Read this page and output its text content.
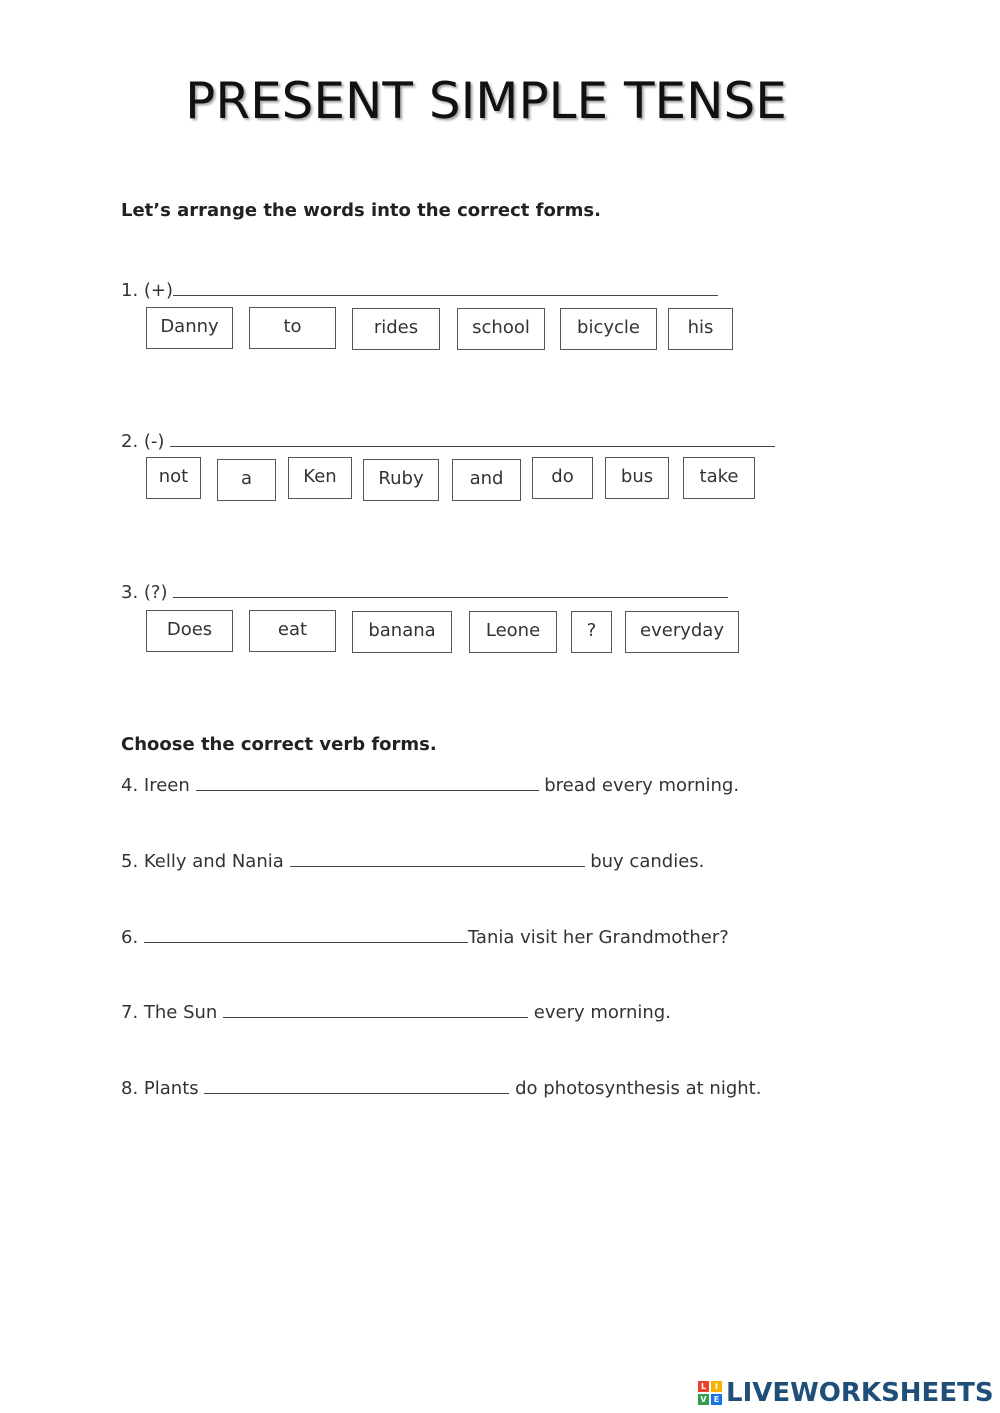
PRESENT SIMPLE TENSE

Let’s arrange the words into the correct forms.

1. (+)
Danny	to	rides	school	bicycle	his
2. (-)
not	a	Ken	Ruby	and	do	bus	take
3. (?)
Does	eat	banana	Leone	?	everyday

Choose the correct verb forms.

4. Ireen	bread every morning.
5. Kelly and Nania	buy candies.
6.	Tania visit her Grandmother?
7. The Sun	every morning.
8. Plants	do photosynthesis at night.
L	I
V E LIVEWORKSHEETS
